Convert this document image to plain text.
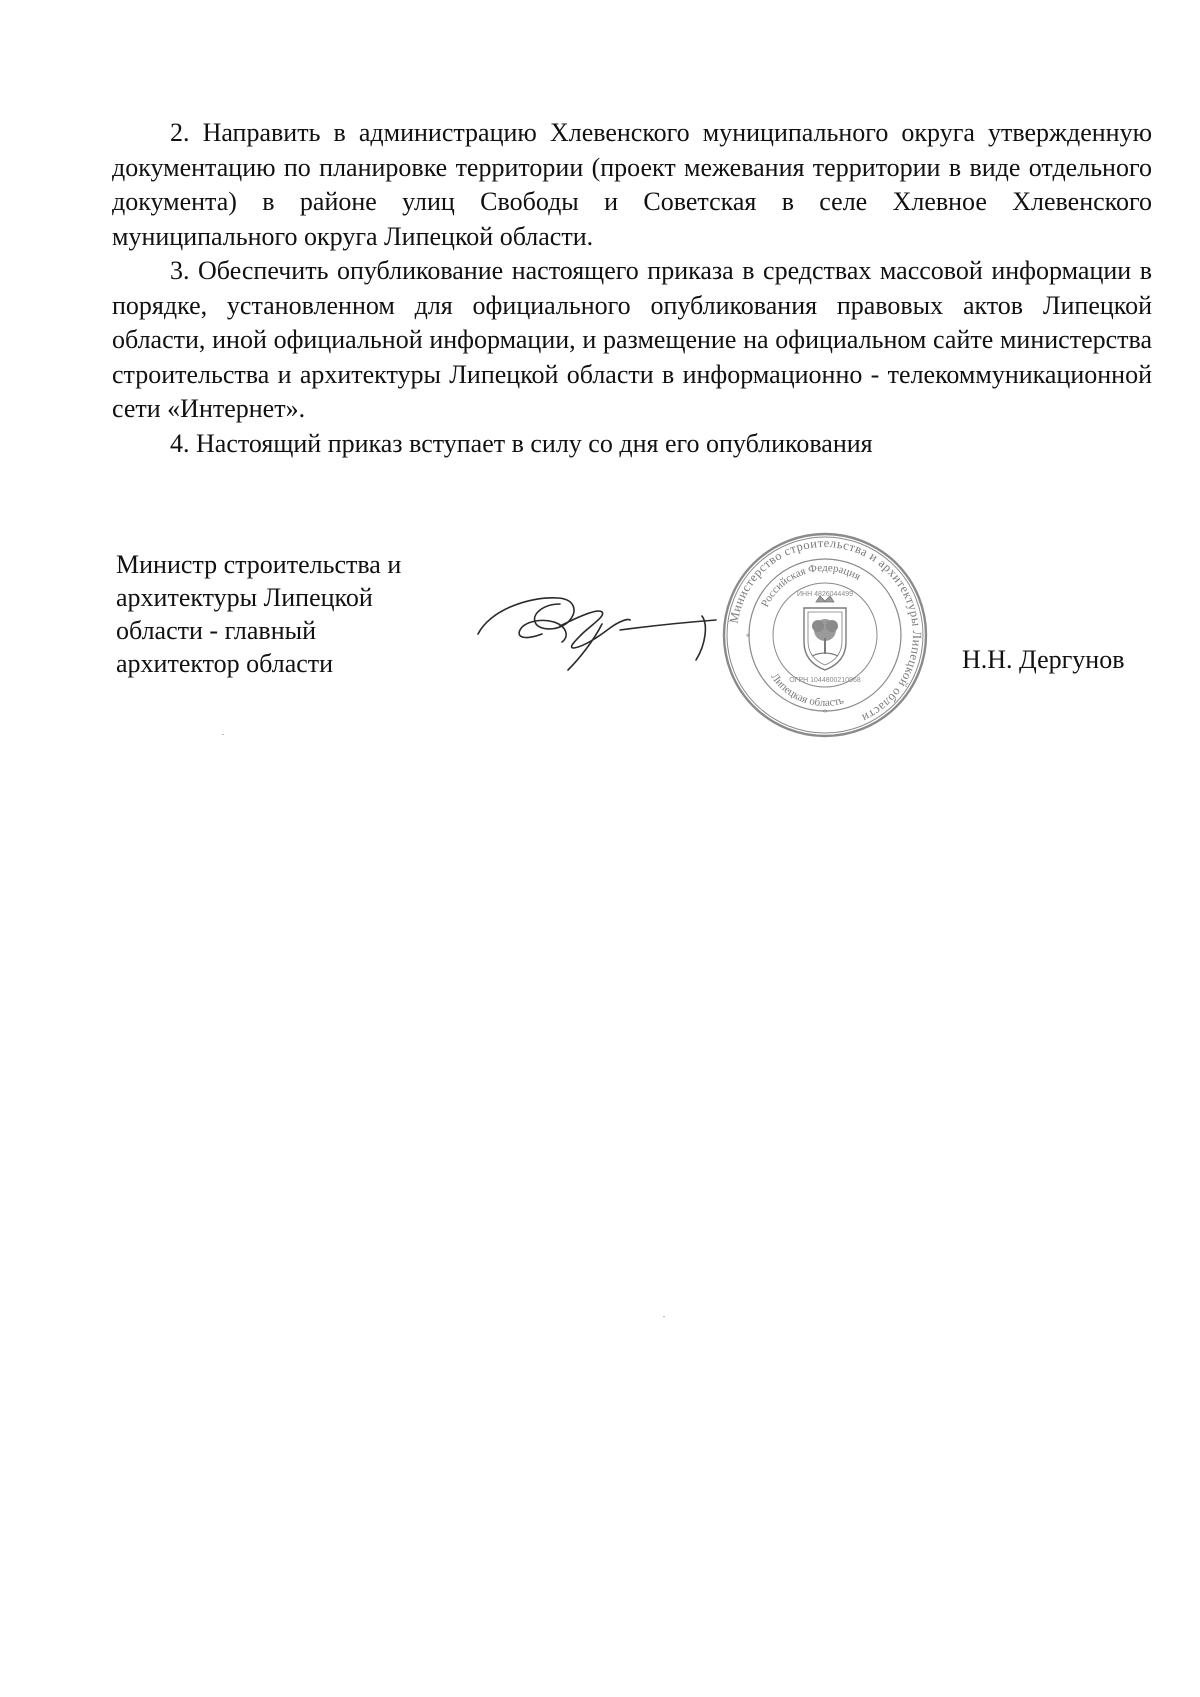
2. Направить в администрацию Хлевенского муниципального округа утвержденную документацию по планировке территории (проект межевания территории в виде отдельного документа) в районе улиц Свободы и Советская в селе Хлевное Хлевенского муниципального округа Липецкой области.

3. Обеспечить опубликование настоящего приказа в средствах массовой информации в порядке, установленном для официального опубликования правовых актов Липецкой области, иной официальной информации, и размещение на официальном сайте министерства строительства и архитектуры Липецкой области в информационно - телекоммуникационной сети «Интернет».

4. Настоящий приказ вступает в силу со дня его опубликования

Министр строительства и
архитектуры Липецкой
области - главный
архитектор области
Министерство строительства и архитектуры Липецкой области
Российская Федерация
Липецкая область
ИНН 4826044499
ОГРН 1044800210968
*
*
Н.Н. Дергунов
